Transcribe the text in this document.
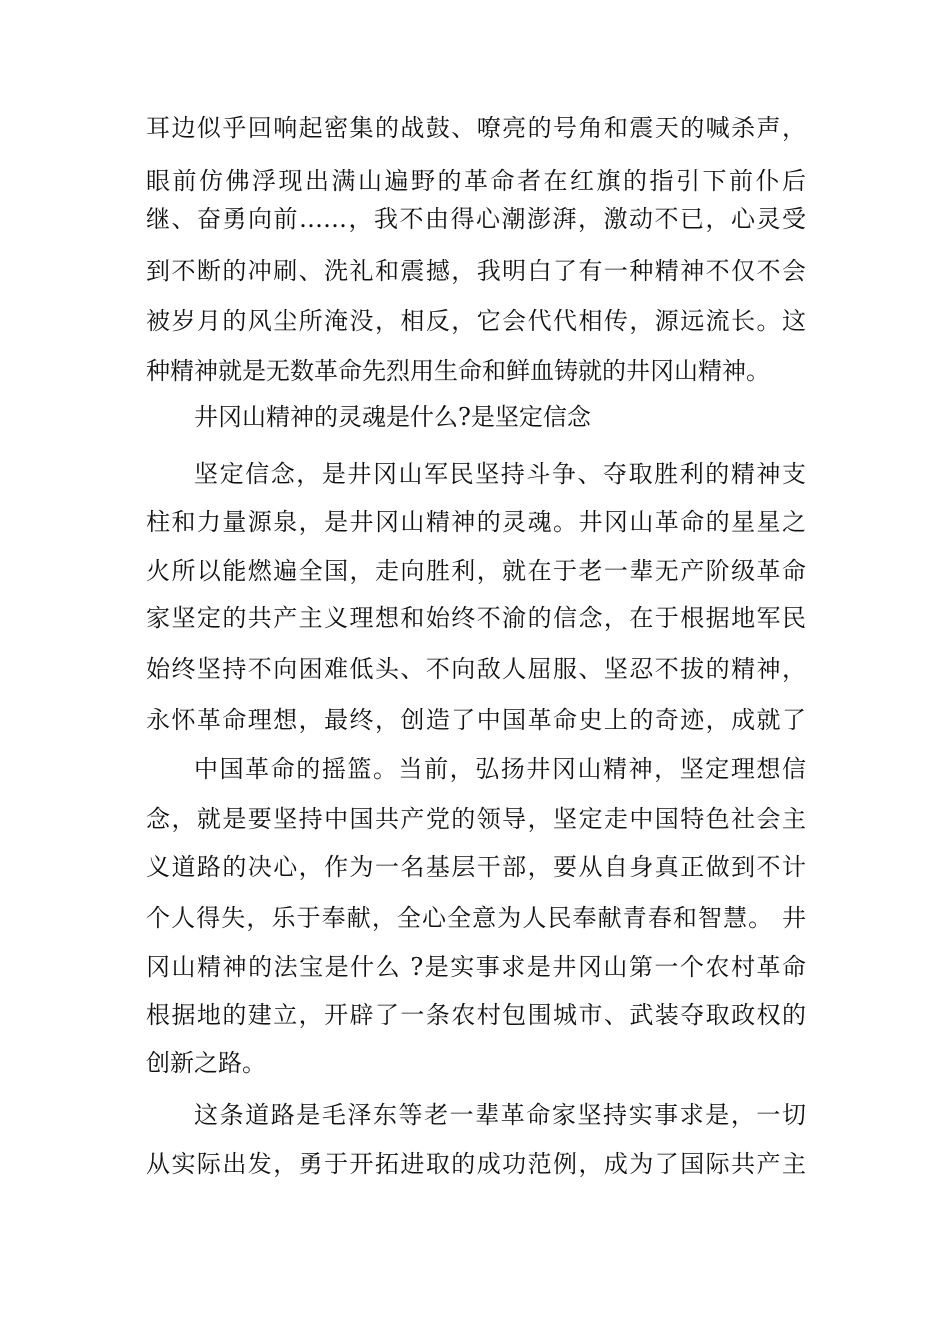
耳边似乎回响起密集的战鼓、嘹亮的号角和震天的喊杀声，
眼前仿佛浮现出满山遍野的革命者在红旗的指引下前仆后
继、奋勇向前……，我不由得心潮澎湃，激动不已，心灵受
到不断的冲刷、洗礼和震撼，我明白了有一种精神不仅不会
被岁月的风尘所淹没，相反，它会代代相传，源远流长。这
种精神就是无数革命先烈用生命和鲜血铸就的井冈山精神。
井冈山精神的灵魂是什么?是坚定信念
坚定信念，是井冈山军民坚持斗争、夺取胜利的精神支
柱和力量源泉，是井冈山精神的灵魂。井冈山革命的星星之
火所以能燃遍全国，走向胜利，就在于老一辈无产阶级革命
家坚定的共产主义理想和始终不渝的信念，在于根据地军民
始终坚持不向困难低头、不向敌人屈服、坚忍不拔的精神，
永怀革命理想，最终，创造了中国革命史上的奇迹，成就了
中国革命的摇篮。当前，弘扬井冈山精神，坚定理想信
念，就是要坚持中国共产党的领导，坚定走中国特色社会主
义道路的决心，作为一名基层干部，要从自身真正做到不计
个人得失，乐于奉献，全心全意为人民奉献青春和智慧。 井
冈山精神的法宝是什么 ?是实事求是井冈山第一个农村革命
根据地的建立，开辟了一条农村包围城市、武装夺取政权的
创新之路。
这条道路是毛泽东等老一辈革命家坚持实事求是，一切
从实际出发，勇于开拓进取的成功范例，成为了国际共产主
